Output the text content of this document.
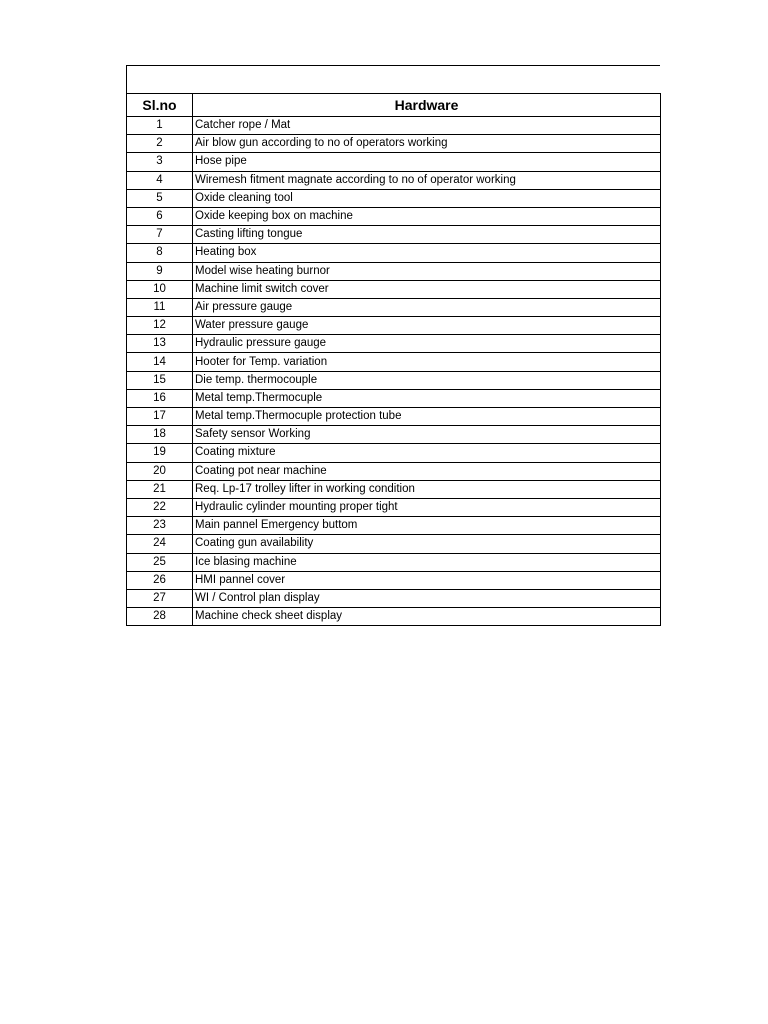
Sl.no	Hardware
1	Catcher rope / Mat
2	Air blow gun according to no of operators working
3	Hose pipe
4	Wiremesh fitment magnate according to no of operator working
5	Oxide cleaning tool
6	Oxide keeping box on machine
7	Casting lifting tongue
8	Heating box
9	Model wise heating burnor
10	Machine limit switch cover
11	Air pressure gauge
12	Water pressure gauge
13	Hydraulic pressure gauge
14	Hooter for Temp. variation
15	Die temp. thermocouple
16	Metal temp.Thermocuple
17	Metal temp.Thermocuple protection tube
18	Safety sensor Working
19	Coating mixture
20	Coating pot near machine
21	Req. Lp-17 trolley lifter in working condition
22	Hydraulic cylinder mounting proper tight
23	Main pannel Emergency buttom
24	Coating gun availability
25	Ice blasing machine
26	HMI pannel cover
27	WI / Control plan display
28	Machine check sheet display
